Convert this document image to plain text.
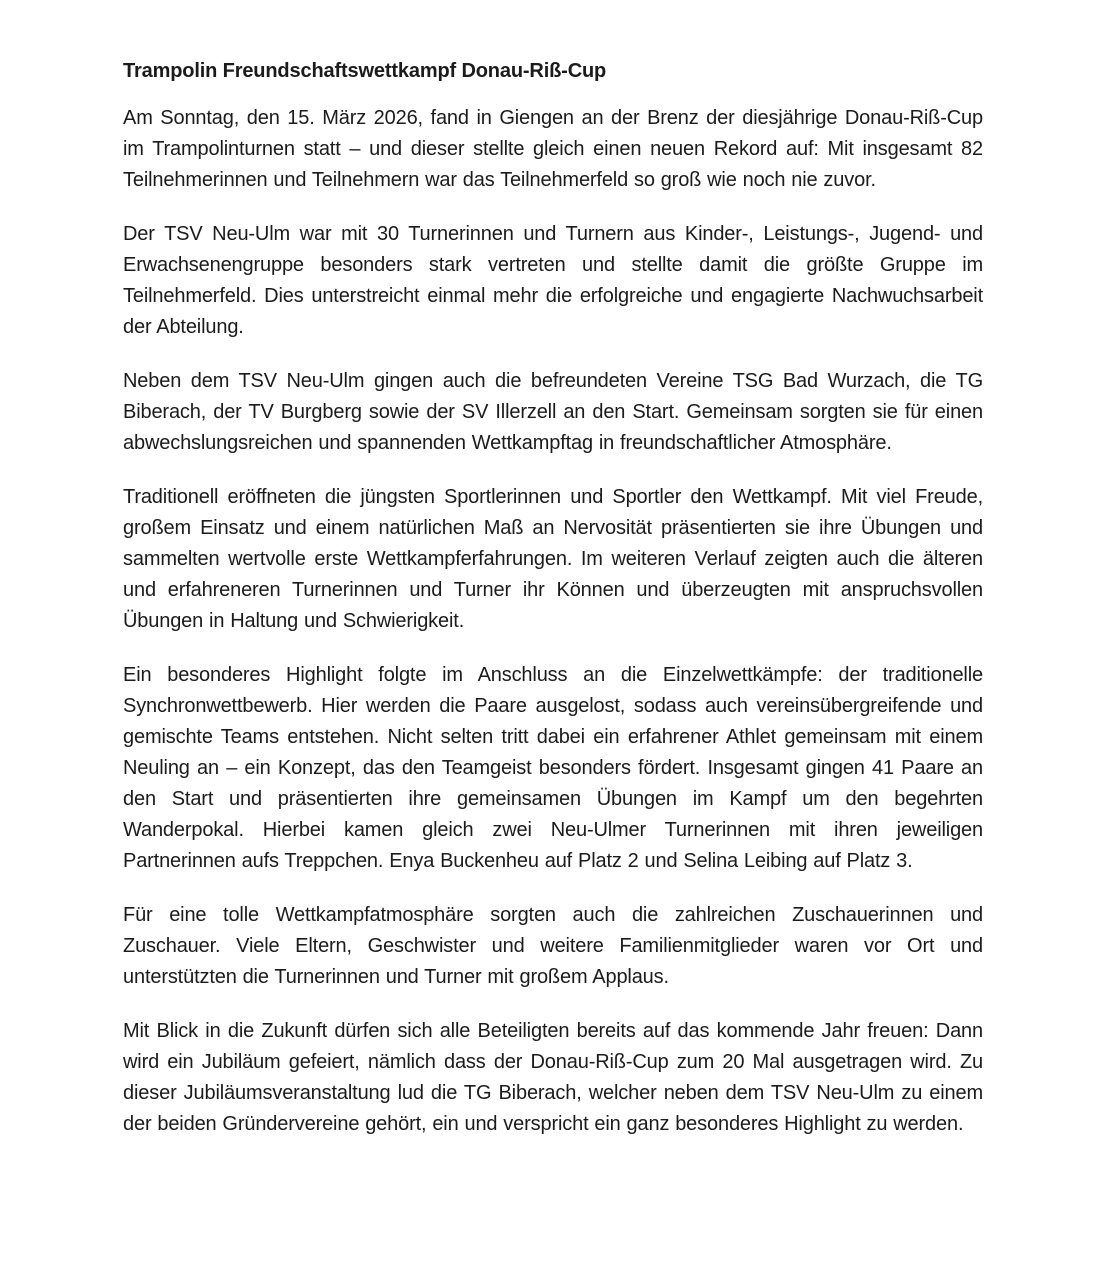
Trampolin Freundschaftswettkampf Donau-Riß-Cup

Am Sonntag, den 15. März 2026, fand in Giengen an der Brenz der diesjährige Donau-Riß-Cup im Trampolinturnen statt – und dieser stellte gleich einen neuen Rekord auf: Mit insgesamt 82 Teilnehmerinnen und Teilnehmern war das Teilnehmerfeld so groß wie noch nie zuvor.

Der TSV Neu-Ulm war mit 30 Turnerinnen und Turnern aus Kinder-, Leistungs-, Jugend- und Erwachsenengruppe besonders stark vertreten und stellte damit die größte Gruppe im Teilnehmerfeld. Dies unterstreicht einmal mehr die erfolgreiche und engagierte Nachwuchsarbeit der Abteilung.

Neben dem TSV Neu-Ulm gingen auch die befreundeten Vereine TSG Bad Wurzach, die TG Biberach, der TV Burgberg sowie der SV Illerzell an den Start. Gemeinsam sorgten sie für einen abwechslungsreichen und spannenden Wettkampftag in freundschaftlicher Atmosphäre.

Traditionell eröffneten die jüngsten Sportlerinnen und Sportler den Wettkampf. Mit viel Freude, großem Einsatz und einem natürlichen Maß an Nervosität präsentierten sie ihre Übungen und sammelten wertvolle erste Wettkampferfahrungen. Im weiteren Verlauf zeigten auch die älteren und erfahreneren Turnerinnen und Turner ihr Können und überzeugten mit anspruchsvollen Übungen in Haltung und Schwierigkeit.

Ein besonderes Highlight folgte im Anschluss an die Einzelwettkämpfe: der traditionelle Synchronwettbewerb. Hier werden die Paare ausgelost, sodass auch vereinsübergreifende und gemischte Teams entstehen. Nicht selten tritt dabei ein erfahrener Athlet gemeinsam mit einem Neuling an – ein Konzept, das den Teamgeist besonders fördert. Insgesamt gingen 41 Paare an den Start und präsentierten ihre gemeinsamen Übungen im Kampf um den begehrten Wanderpokal. Hierbei kamen gleich zwei Neu-Ulmer Turnerinnen mit ihren jeweiligen Partnerinnen aufs Treppchen. Enya Buckenheu auf Platz 2 und Selina Leibing auf Platz 3.

Für eine tolle Wettkampfatmosphäre sorgten auch die zahlreichen Zuschauerinnen und Zuschauer. Viele Eltern, Geschwister und weitere Familienmitglieder waren vor Ort und unterstützten die Turnerinnen und Turner mit großem Applaus.

Mit Blick in die Zukunft dürfen sich alle Beteiligten bereits auf das kommende Jahr freuen: Dann wird ein Jubiläum gefeiert, nämlich dass der Donau-Riß-Cup zum 20 Mal ausgetragen wird. Zu dieser Jubiläumsveranstaltung lud die TG Biberach, welcher neben dem TSV Neu-Ulm zu einem der beiden Gründervereine gehört, ein und verspricht ein ganz besonderes Highlight zu werden.
